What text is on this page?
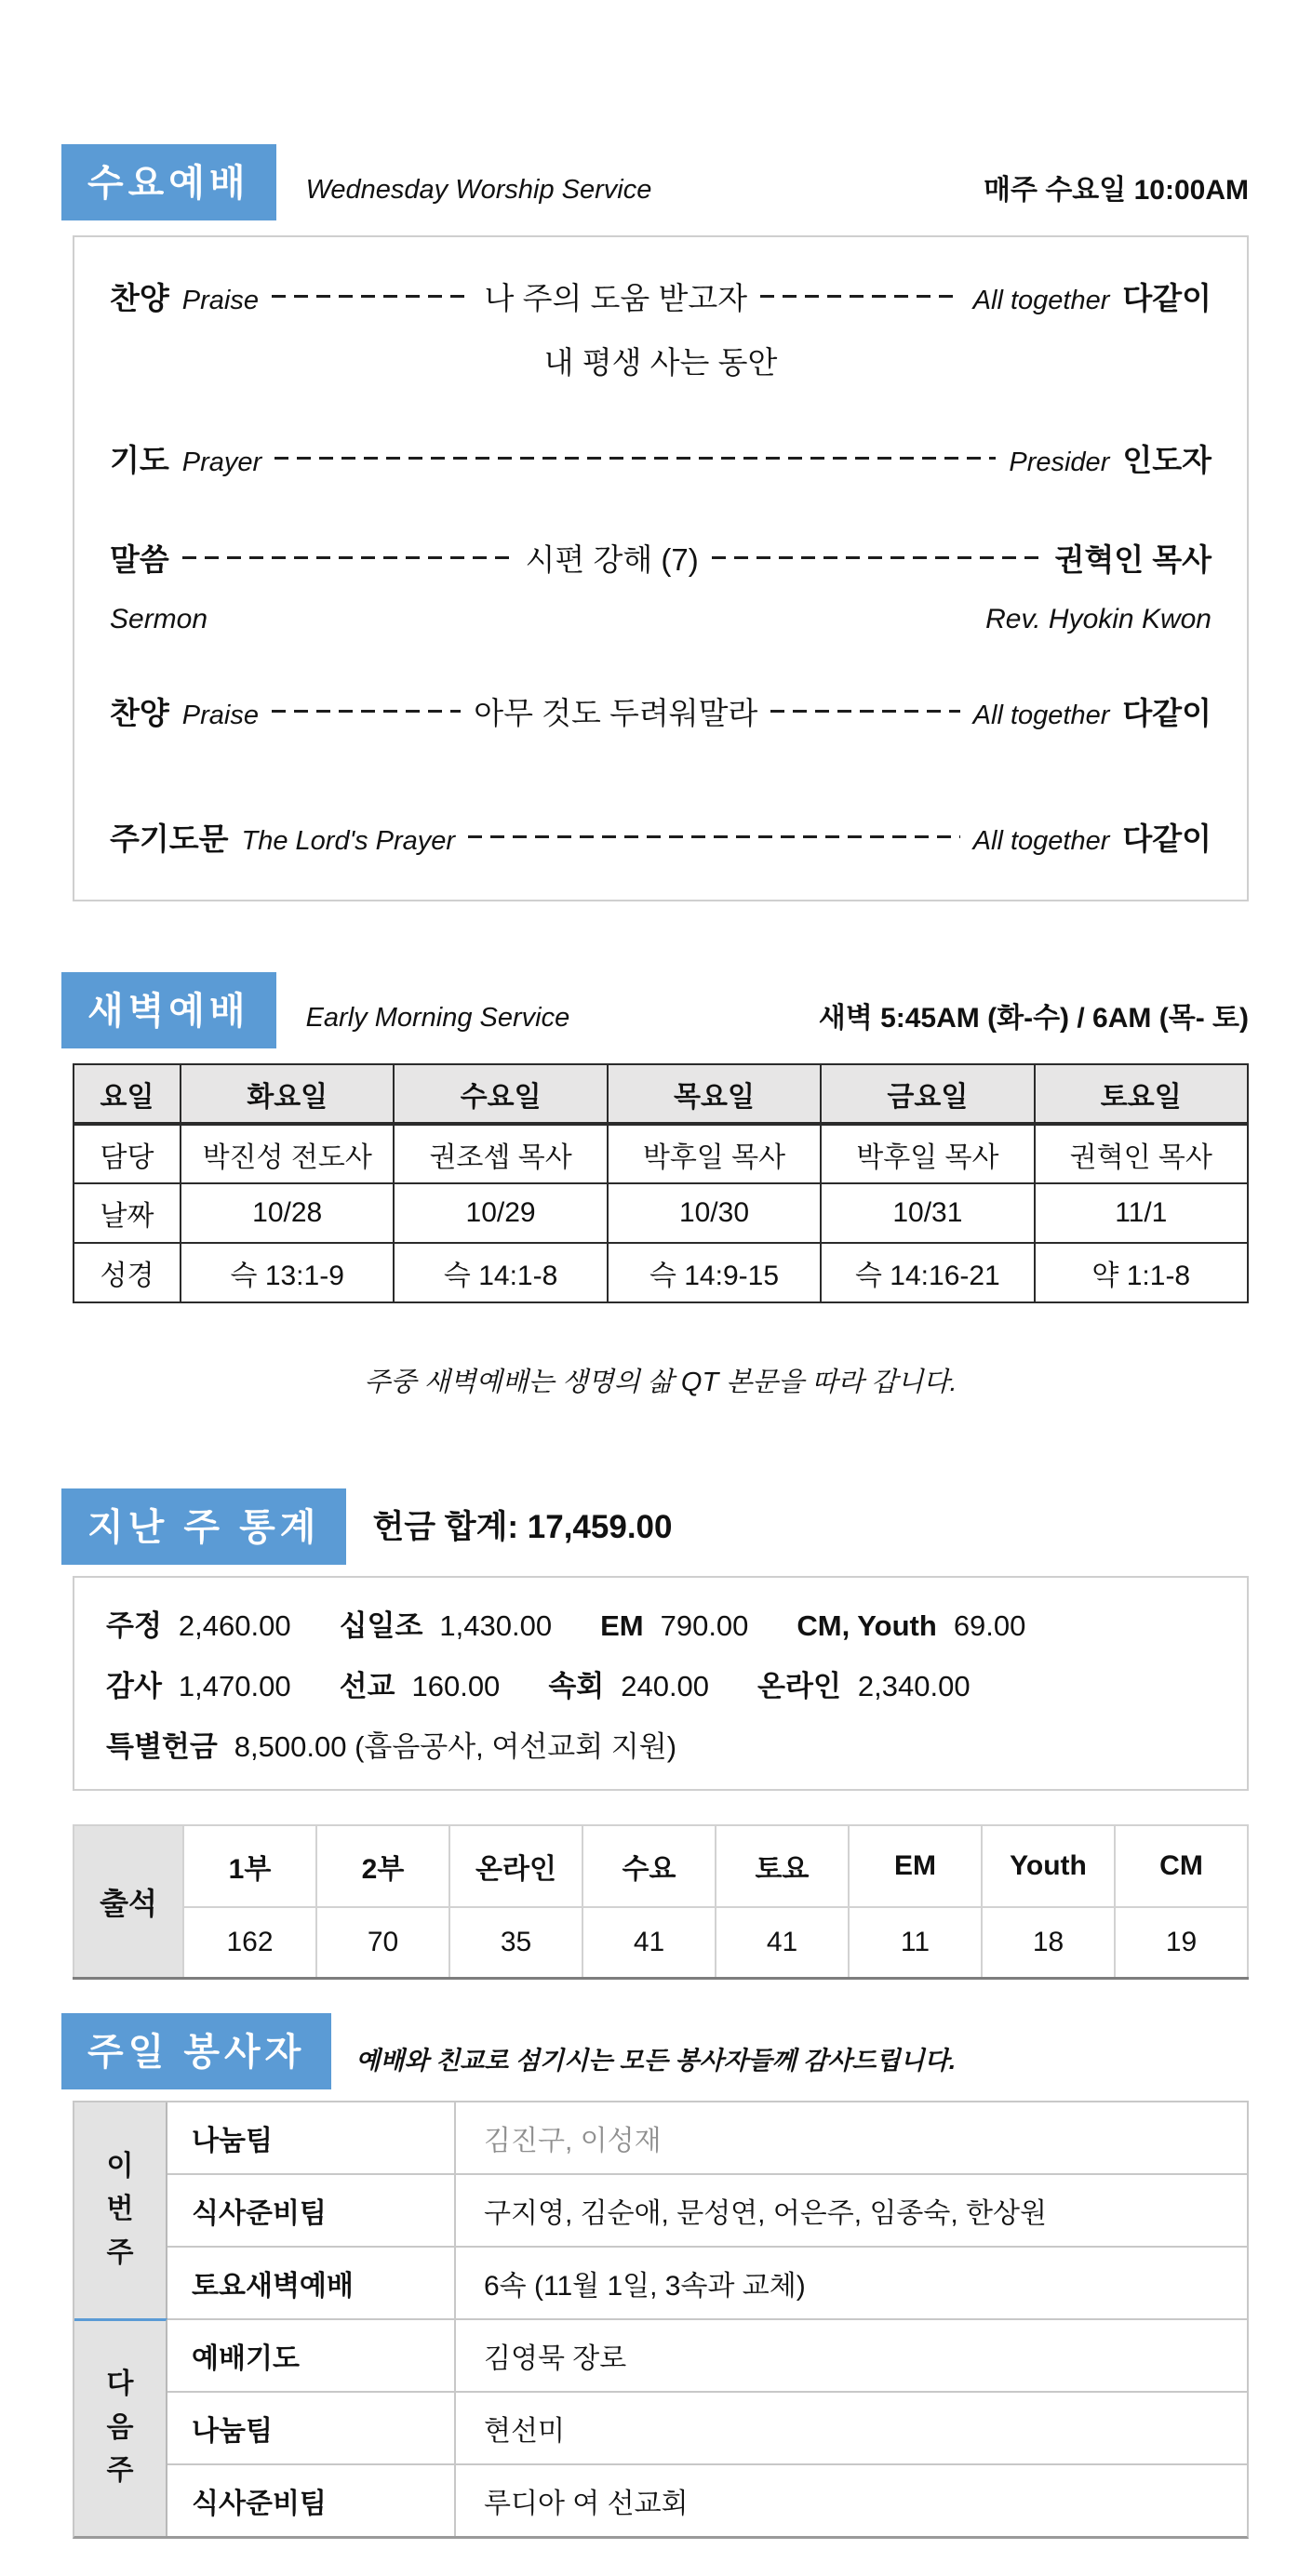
수요예배	Wednesday Worship Service	매주 수요일 10:00AM
찬양 Praise	나 주의 도움 받고자	All together 다같이
내 평생 사는 동안
기도 Prayer	Presider 인도자
말씀	시편 강해 (7)	권혁인 목사
Sermon	Rev. Hyokin Kwon
찬양 Praise	아무 것도 두려워말라	All together 다같이
주기도문 The Lord's Prayer	All together 다같이
새벽예배	Early Morning Service	새벽 5:45AM (화-수) / 6AM (목- 토)
요일	화요일	수요일	목요일	금요일	토요일
담당	박진성 전도사	권조셉 목사	박후일 목사	박후일 목사	권혁인 목사
날짜	10/28	10/29	10/30	10/31	11/1
성경	슥 13:1-9	슥 14:1-8	슥 14:9-15	슥 14:16-21	약 1:1-8
주중 새벽예배는 생명의 삶 QT 본문을 따라 갑니다.
지난 주 통계	헌금 합계: 17,459.00
주정 2,460.00 십일조 1,430.00 EM 790.00 CM, Youth 69.00
감사 1,470.00 선교 160.00 속회 240.00 온라인 2,340.00
특별헌금 8,500.00 (흡음공사, 여선교회 지원)
출석	1부	2부	온라인	수요	토요	EM	Youth	CM
	162	70	35	41	41	11	18	19
주일 봉사자	예배와 친교로 섬기시는 모든 봉사자들께 감사드립니다.
이
번
주
나눔팀	김진구, 이성재
식사준비팀	구지영, 김순애, 문성연, 어은주, 임종숙, 한상원
토요새벽예배	6속 (11월 1일, 3속과 교체)
다
음
주
예배기도	김영묵 장로
나눔팀	현선미
식사준비팀	루디아 여 선교회
